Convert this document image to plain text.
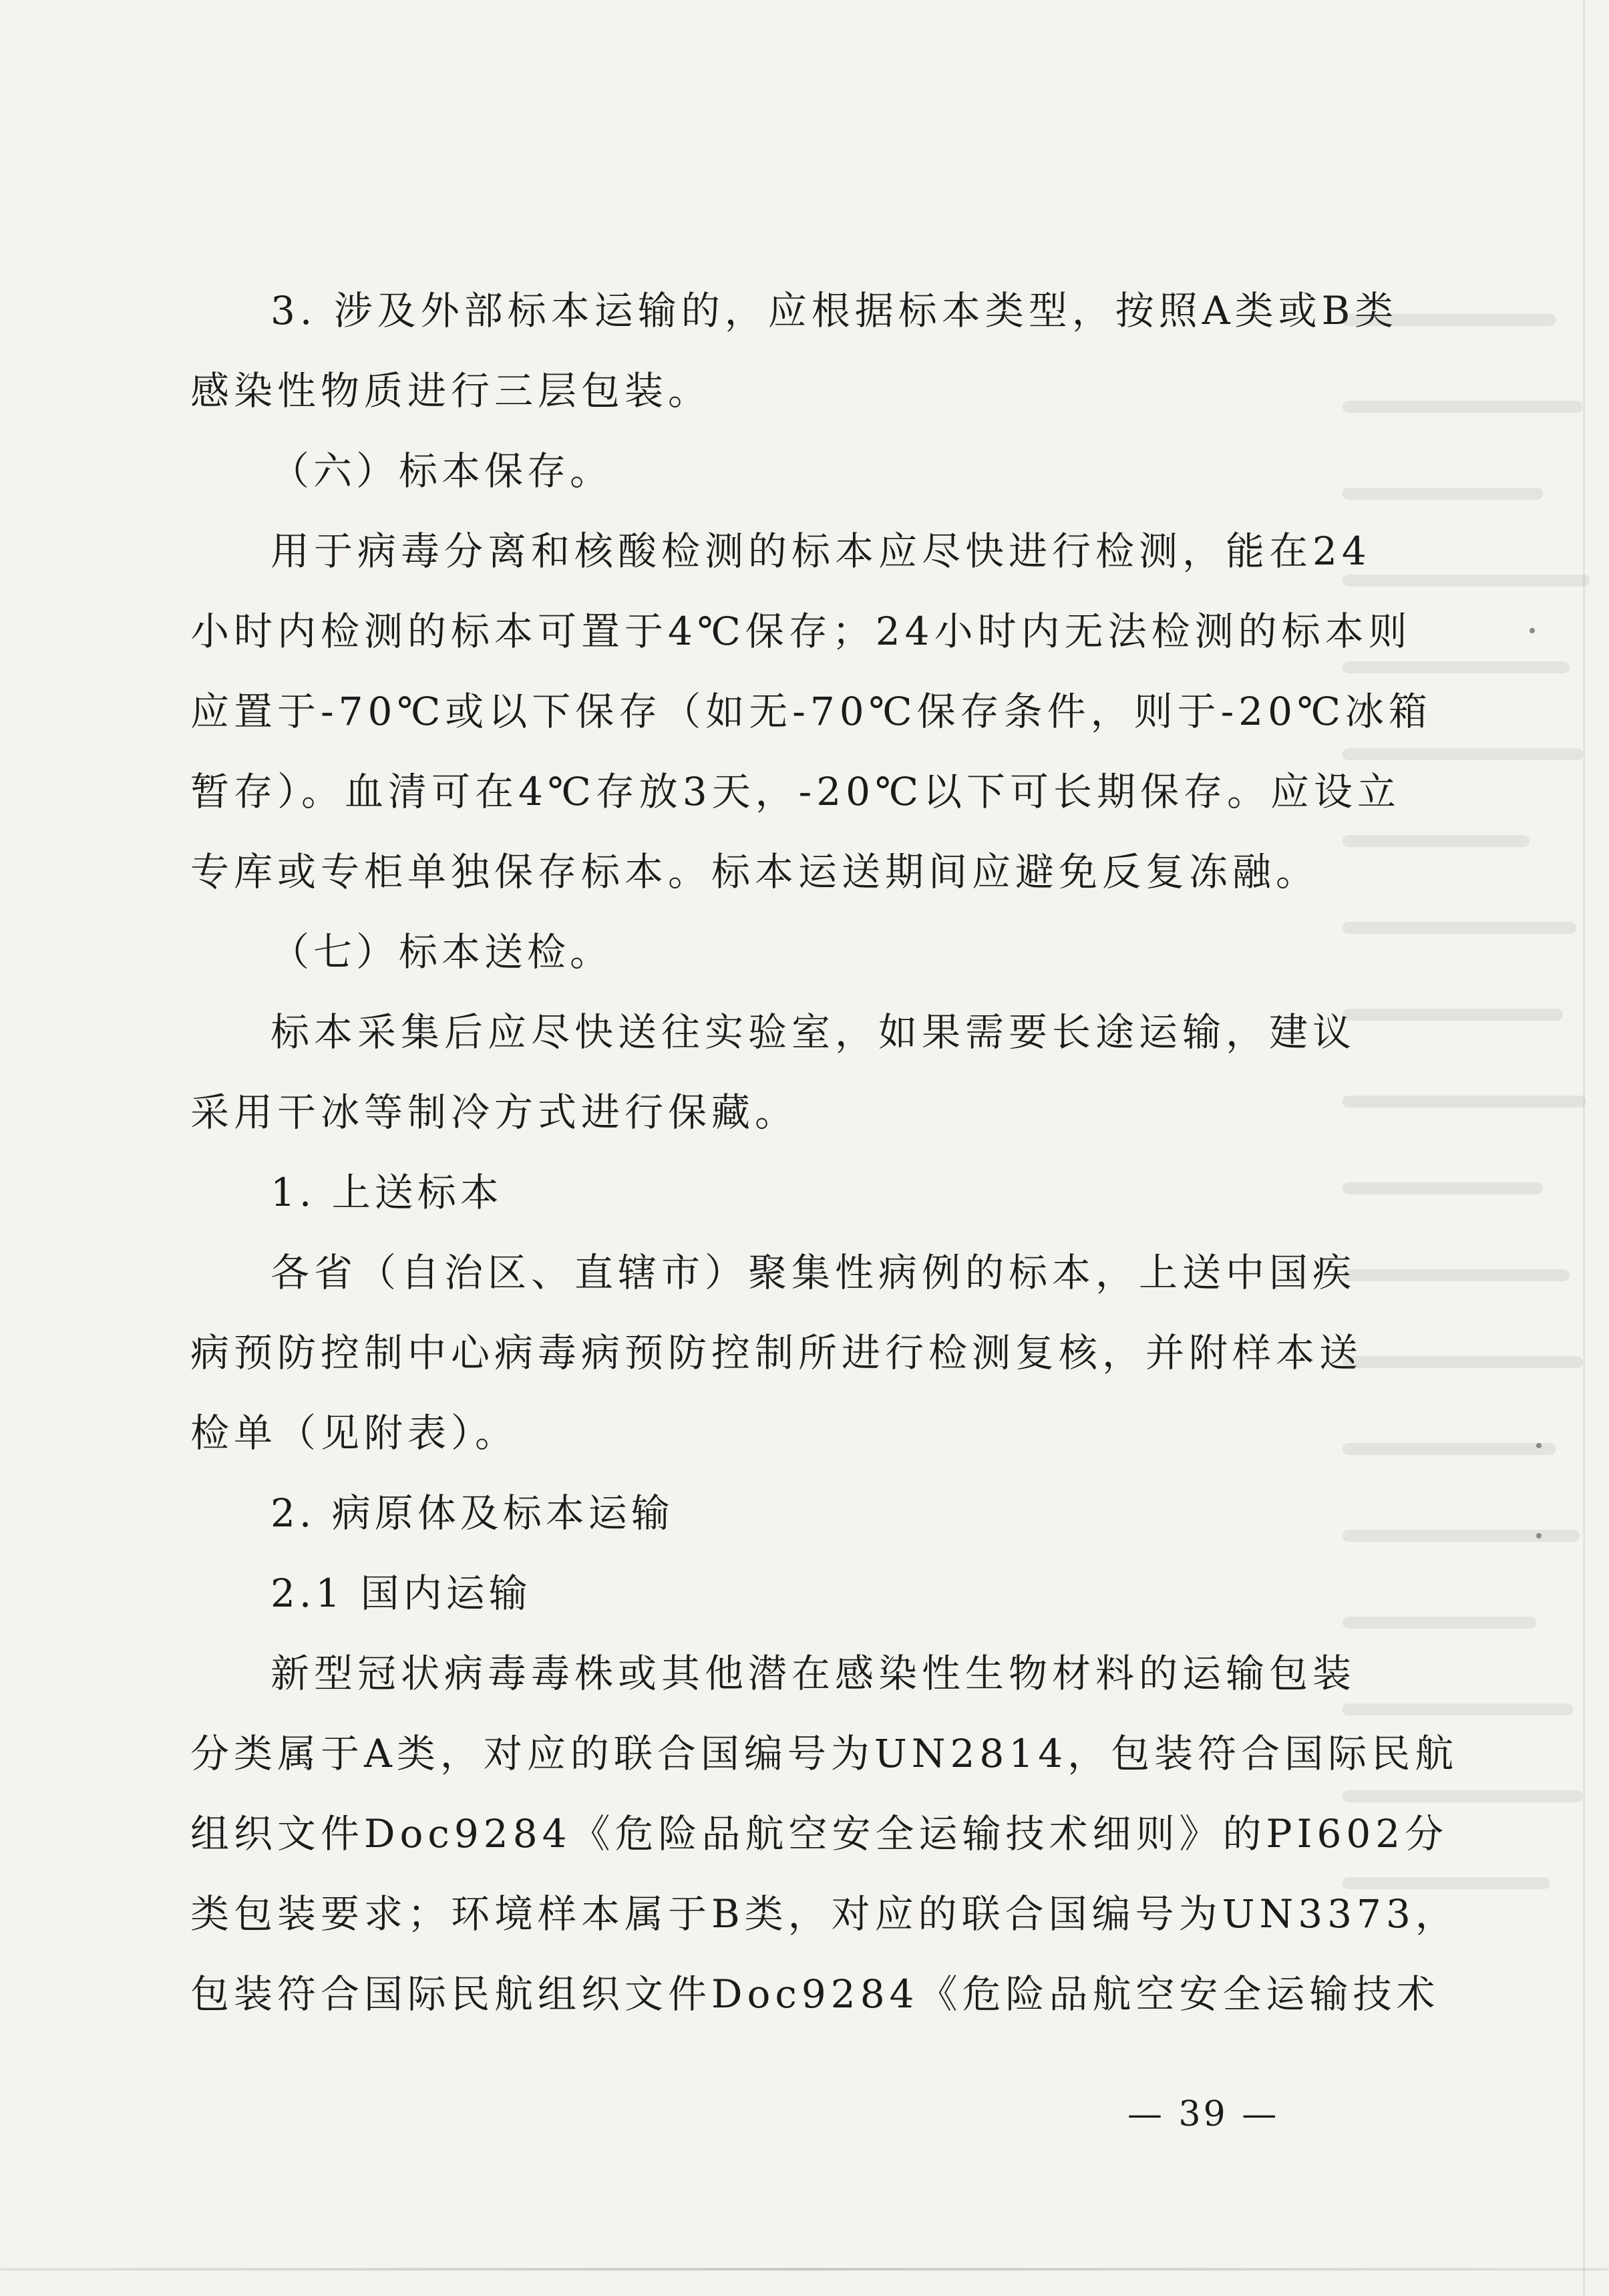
3. 涉及外部标本运输的，应根据标本类型，按照A类或B类
感染性物质进行三层包装。
（六）标本保存。
用于病毒分离和核酸检测的标本应尽快进行检测，能在24
小时内检测的标本可置于4℃保存；24小时内无法检测的标本则
应置于-70℃或以下保存（如无-70℃保存条件，则于-20℃冰箱
暂存）。血清可在4℃存放3天，-20℃以下可长期保存。应设立
专库或专柜单独保存标本。标本运送期间应避免反复冻融。
（七）标本送检。
标本采集后应尽快送往实验室，如果需要长途运输，建议
采用干冰等制冷方式进行保藏。
1. 上送标本
各省（自治区、直辖市）聚集性病例的标本，上送中国疾
病预防控制中心病毒病预防控制所进行检测复核，并附样本送
检单（见附表）。
2. 病原体及标本运输
2.1 国内运输
新型冠状病毒毒株或其他潜在感染性生物材料的运输包装
分类属于A类，对应的联合国编号为UN2814，包装符合国际民航
组织文件Doc9284《危险品航空安全运输技术细则》的PI602分
类包装要求；环境样本属于B类，对应的联合国编号为UN3373，
包装符合国际民航组织文件Doc9284《危险品航空安全运输技术
— 39 —
